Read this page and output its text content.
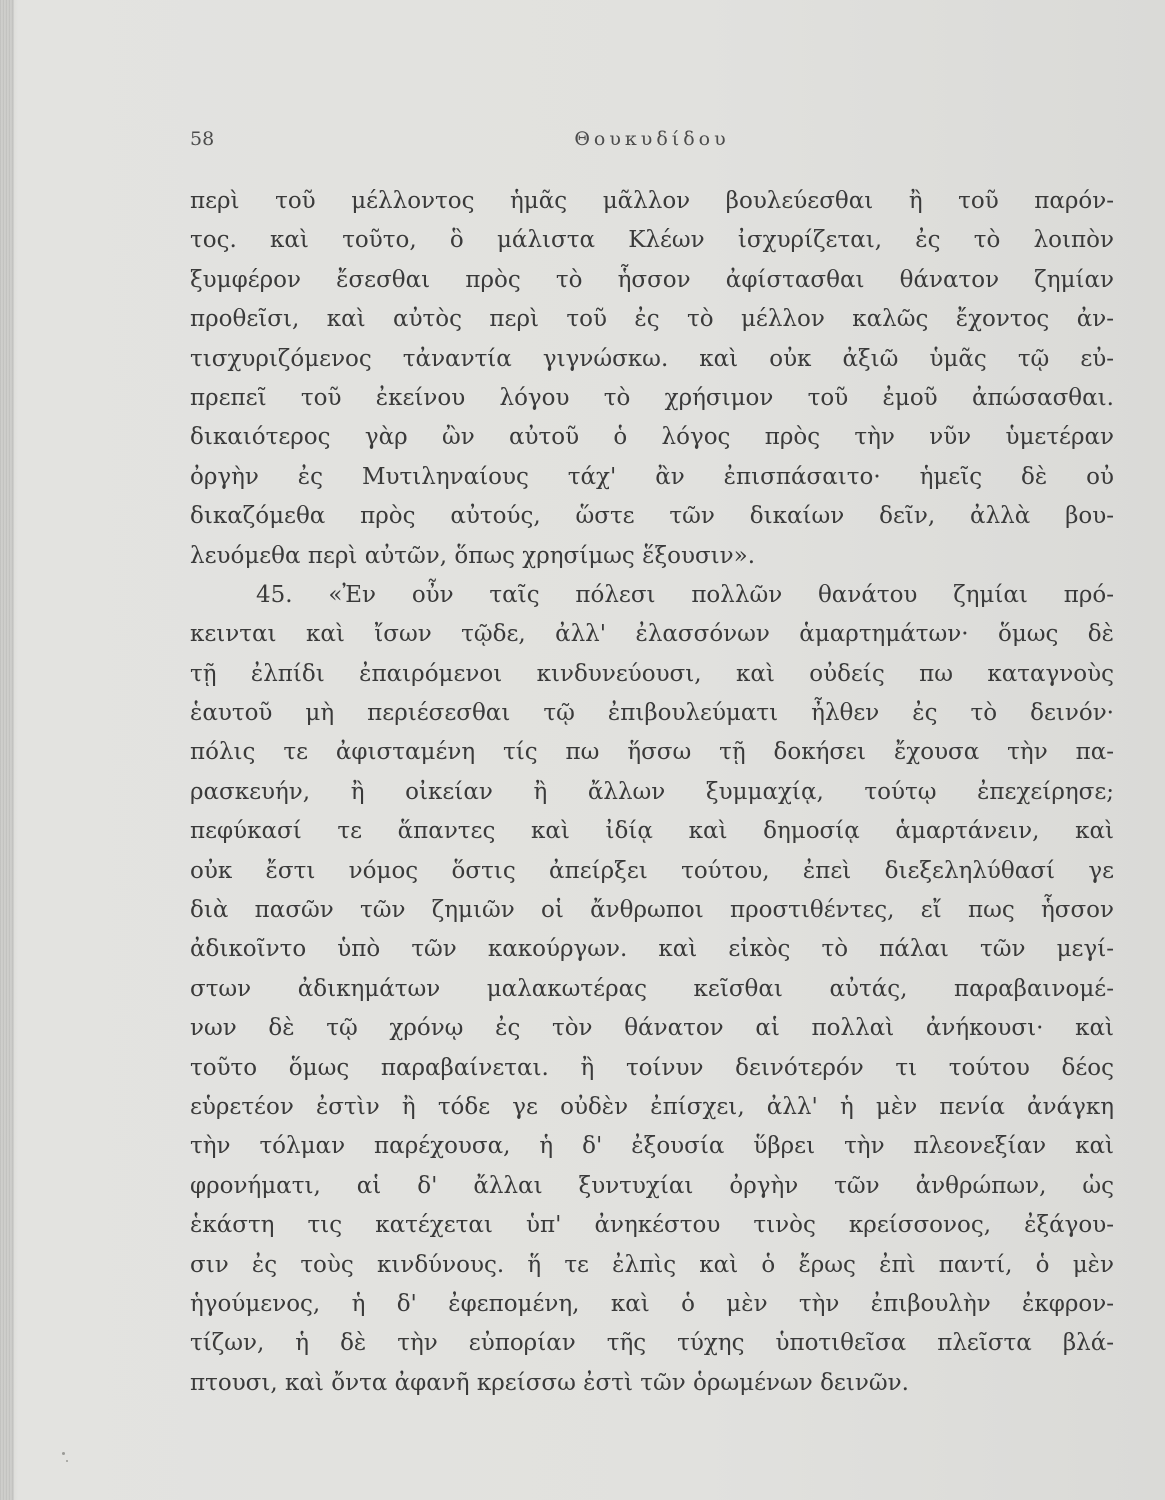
58	Θουκυδίδου
περὶ τοῦ μέλλοντος ἡμᾶς μᾶλλον βουλεύεσθαι ἢ τοῦ παρόν-
τος. καὶ τοῦτο, ὃ μάλιστα Κλέων ἰσχυρίζεται, ἐς τὸ λοιπὸν
ξυμφέρον ἔσεσθαι πρὸς τὸ ἧσσον ἀφίστασθαι θάνατον ζημίαν
προθεῖσι, καὶ αὐτὸς περὶ τοῦ ἐς τὸ μέλλον καλῶς ἔχοντος ἀν-
τισχυριζόμενος τἀναντία γιγνώσκω. καὶ οὐκ ἀξιῶ ὑμᾶς τῷ εὐ-
πρεπεῖ τοῦ ἐκείνου λόγου τὸ χρήσιμον τοῦ ἐμοῦ ἀπώσασθαι.
δικαιότερος γὰρ ὢν αὐτοῦ ὁ λόγος πρὸς τὴν νῦν ὑμετέραν
ὀργὴν ἐς Μυτιληναίους τάχ' ἂν ἐπισπάσαιτο· ἡμεῖς δὲ οὐ
δικαζόμεθα πρὸς αὐτούς, ὥστε τῶν δικαίων δεῖν, ἀλλὰ βου-
λευόμεθα περὶ αὐτῶν, ὅπως χρησίμως ἕξουσιν».
45. «Ἐν οὖν ταῖς πόλεσι πολλῶν θανάτου ζημίαι πρό-
κεινται καὶ ἴσων τῷδε, ἀλλ' ἐλασσόνων ἁμαρτημάτων· ὅμως δὲ
τῇ ἐλπίδι ἐπαιρόμενοι κινδυνεύουσι, καὶ οὐδείς πω καταγνοὺς
ἑαυτοῦ μὴ περιέσεσθαι τῷ ἐπιβουλεύματι ἦλθεν ἐς τὸ δεινόν·
πόλις τε ἀφισταμένη τίς πω ἥσσω τῇ δοκήσει ἔχουσα τὴν πα-
ρασκευήν, ἢ οἰκείαν ἢ ἄλλων ξυμμαχίᾳ, τούτῳ ἐπεχείρησε;
πεφύκασί τε ἅπαντες καὶ ἰδίᾳ καὶ δημοσίᾳ ἁμαρτάνειν, καὶ
οὐκ ἔστι νόμος ὅστις ἀπείρξει τούτου, ἐπεὶ διεξεληλύθασί γε
διὰ πασῶν τῶν ζημιῶν οἱ ἄνθρωποι προστιθέντες, εἴ πως ἧσσον
ἀδικοῖντο ὑπὸ τῶν κακούργων. καὶ εἰκὸς τὸ πάλαι τῶν μεγί-
στων ἀδικημάτων μαλακωτέρας κεῖσθαι αὐτάς, παραβαινομέ-
νων δὲ τῷ χρόνῳ ἐς τὸν θάνατον αἱ πολλαὶ ἀνήκουσι· καὶ
τοῦτο ὅμως παραβαίνεται. ἢ τοίνυν δεινότερόν τι τούτου δέος
εὑρετέον ἐστὶν ἢ τόδε γε οὐδὲν ἐπίσχει, ἀλλ' ἡ μὲν πενία ἀνάγκη
τὴν τόλμαν παρέχουσα, ἡ δ' ἐξουσία ὕβρει τὴν πλεονεξίαν καὶ
φρονήματι, αἱ δ' ἄλλαι ξυντυχίαι ὀργὴν τῶν ἀνθρώπων, ὡς
ἑκάστη τις κατέχεται ὑπ' ἀνηκέστου τινὸς κρείσσονος, ἐξάγου-
σιν ἐς τοὺς κινδύνους. ἥ τε ἐλπὶς καὶ ὁ ἔρως ἐπὶ παντί, ὁ μὲν
ἡγούμενος, ἡ δ' ἐφεπομένη, καὶ ὁ μὲν τὴν ἐπιβουλὴν ἐκφρον-
τίζων, ἡ δὲ τὴν εὐπορίαν τῆς τύχης ὑποτιθεῖσα πλεῖστα βλά-
πτουσι, καὶ ὄντα ἀφανῆ κρείσσω ἐστὶ τῶν ὁρωμένων δεινῶν.
